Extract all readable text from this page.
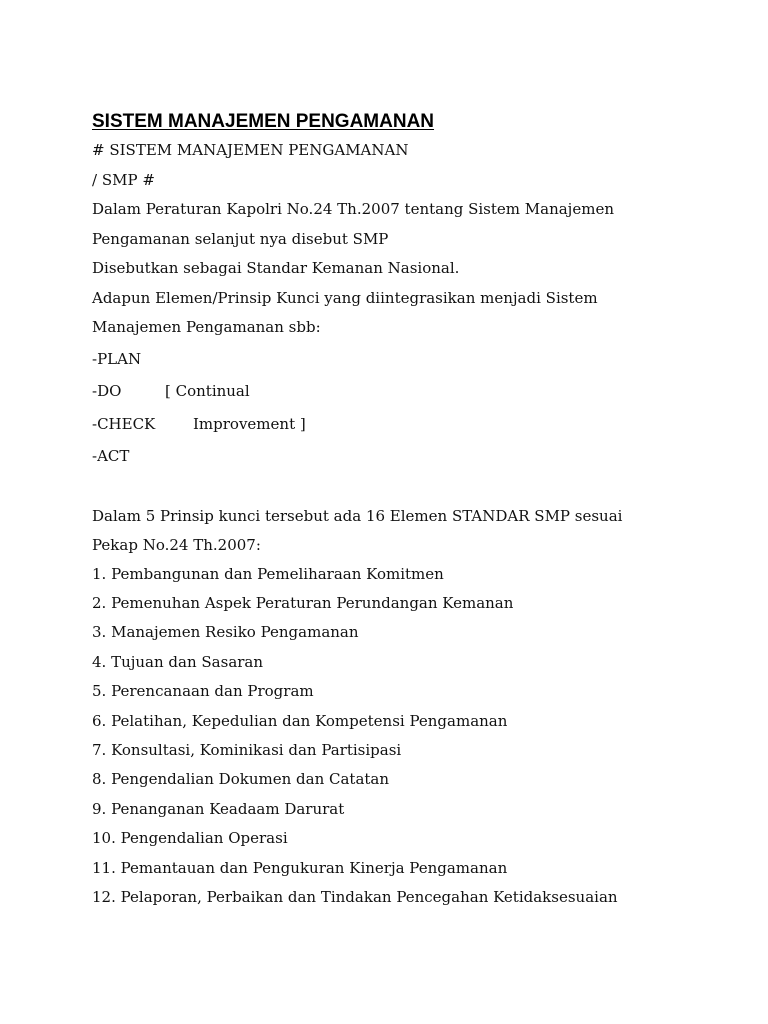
SISTEM MANAJEMEN PENGAMANAN

# SISTEM MANAJEMEN PENGAMANAN

/ SMP #

Dalam Peraturan Kapolri No.24 Th.2007 tentang Sistem Manajemen

Pengamanan selanjut nya disebut SMP

Disebutkan sebagai Standar Kemanan Nasional.

Adapun Elemen/Prinsip Kunci yang diintegrasikan menjadi Sistem

Manajemen Pengamanan sbb:

-PLAN

-DO

	[ Continual

-CHECK

	Improvement ]

-ACT

Dalam 5 Prinsip kunci tersebut ada 16 Elemen STANDAR SMP sesuai

Pekap No.24 Th.2007:

1. Pembangunan dan Pemeliharaan Komitmen
2. Pemenuhan Aspek Peraturan Perundangan Kemanan
3. Manajemen Resiko Pengamanan
4. Tujuan dan Sasaran
5. Perencanaan dan Program
6. Pelatihan, Kepedulian dan Kompetensi Pengamanan
7. Konsultasi, Kominikasi dan Partisipasi
8. Pengendalian Dokumen dan Catatan
9. Penanganan Keadaam Darurat
10. Pengendalian Operasi
11. Pemantauan dan Pengukuran Kinerja Pengamanan
12. Pelaporan, Perbaikan dan Tindakan Pencegahan Ketidaksesuaian
